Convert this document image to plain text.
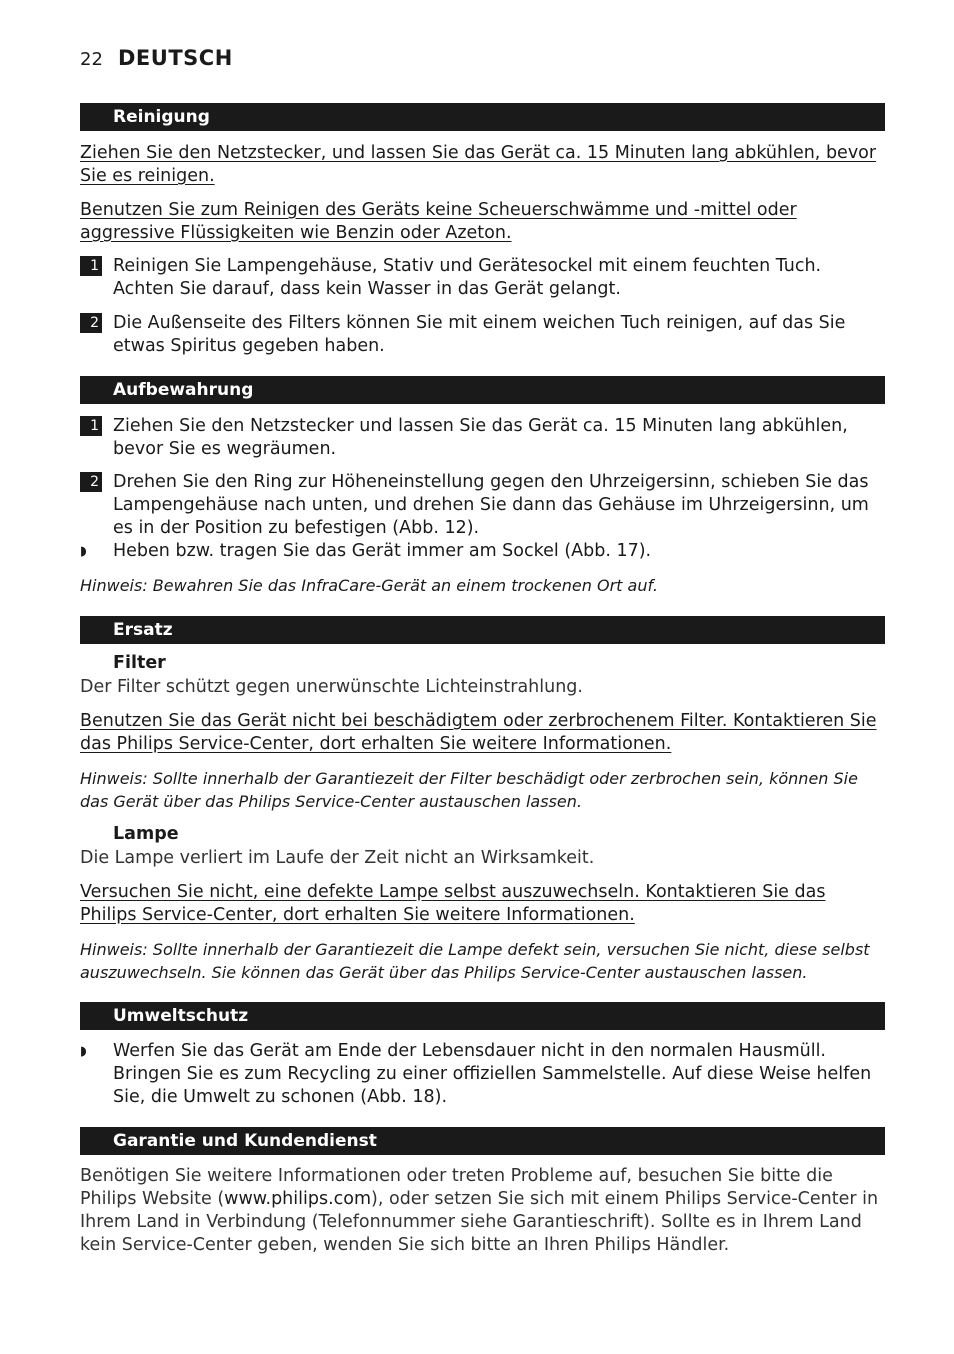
22 DEUTSCH
Reinigung
Ziehen Sie den Netzstecker, und lassen Sie das Gerät ca. 15 Minuten lang abkühlen, bevor Sie es reinigen.
Benutzen Sie zum Reinigen des Geräts keine Scheuerschwämme und -mittel oder aggressive Flüssigkeiten wie Benzin oder Azeton.
1 Reinigen Sie Lampengehäuse, Stativ und Gerätesockel mit einem feuchten Tuch. Achten Sie darauf, dass kein Wasser in das Gerät gelangt.
2 Die Außenseite des Filters können Sie mit einem weichen Tuch reinigen, auf das Sie etwas Spiritus gegeben haben.
Aufbewahrung
1 Ziehen Sie den Netzstecker und lassen Sie das Gerät ca. 15 Minuten lang abkühlen, bevor Sie es wegräumen.
2 Drehen Sie den Ring zur Höheneinstellung gegen den Uhrzeigersinn, schieben Sie das Lampengehäuse nach unten, und drehen Sie dann das Gehäuse im Uhrzeigersinn, um es in der Position zu befestigen (Abb. 12).
◗ Heben bzw. tragen Sie das Gerät immer am Sockel (Abb. 17).
Hinweis: Bewahren Sie das InfraCare-Gerät an einem trockenen Ort auf.
Ersatz
Filter
Der Filter schützt gegen unerwünschte Lichteinstrahlung.
Benutzen Sie das Gerät nicht bei beschädigtem oder zerbrochenem Filter. Kontaktieren Sie das Philips Service-Center, dort erhalten Sie weitere Informationen.
Hinweis: Sollte innerhalb der Garantiezeit der Filter beschädigt oder zerbrochen sein, können Sie das Gerät über das Philips Service-Center austauschen lassen.
Lampe
Die Lampe verliert im Laufe der Zeit nicht an Wirksamkeit.
Versuchen Sie nicht, eine defekte Lampe selbst auszuwechseln. Kontaktieren Sie das Philips Service-Center, dort erhalten Sie weitere Informationen.
Hinweis: Sollte innerhalb der Garantiezeit die Lampe defekt sein, versuchen Sie nicht, diese selbst auszuwechseln. Sie können das Gerät über das Philips Service-Center austauschen lassen.
Umweltschutz
◗ Werfen Sie das Gerät am Ende der Lebensdauer nicht in den normalen Hausmüll. Bringen Sie es zum Recycling zu einer offiziellen Sammelstelle. Auf diese Weise helfen Sie, die Umwelt zu schonen (Abb. 18).
Garantie und Kundendienst
Benötigen Sie weitere Informationen oder treten Probleme auf, besuchen Sie bitte die Philips Website (www.philips.com), oder setzen Sie sich mit einem Philips Service-Center in Ihrem Land in Verbindung (Telefonnummer siehe Garantieschrift). Sollte es in Ihrem Land kein Service-Center geben, wenden Sie sich bitte an Ihren Philips Händler.
